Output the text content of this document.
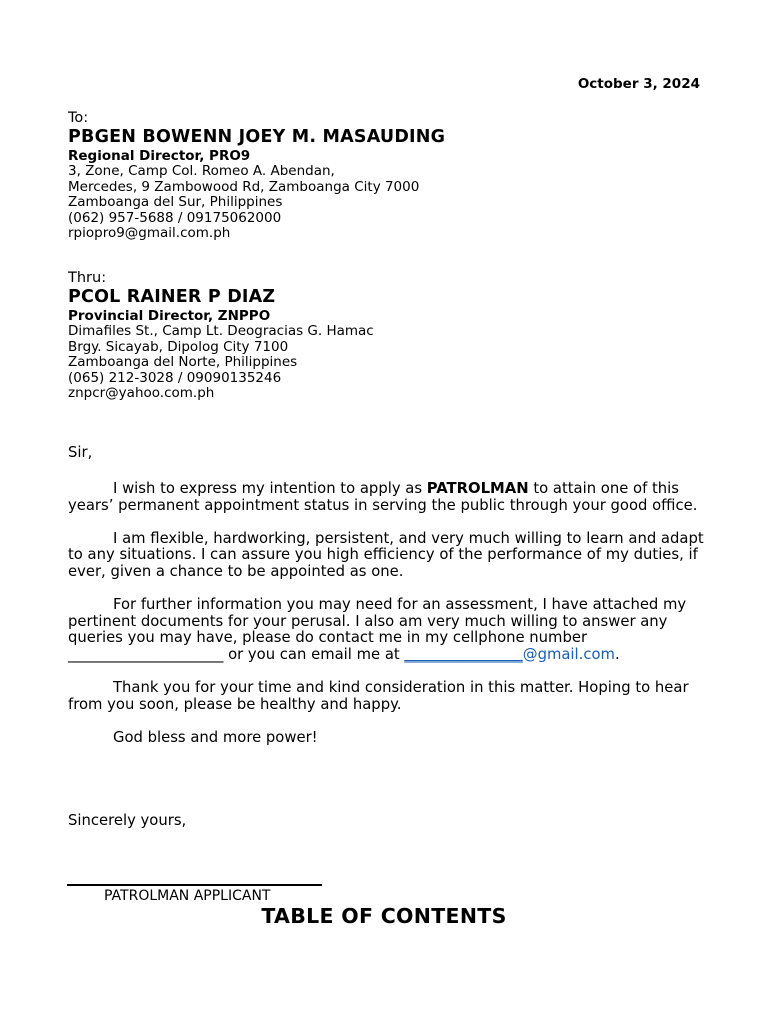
October 3, 2024
To:
PBGEN BOWENN JOEY M. MASAUDING
Regional Director, PRO9
3, Zone, Camp Col. Romeo A. Abendan,
Mercedes, 9 Zambowood Rd, Zamboanga City 7000
Zamboanga del Sur, Philippines
(062) 957-5688 / 09175062000
rpiopro9@gmail.com.ph
Thru:
PCOL RAINER P DIAZ
Provincial Director, ZNPPO
Dimafiles St., Camp Lt. Deogracias G. Hamac
Brgy. Sicayab, Dipolog City 7100
Zamboanga del Norte, Philippines
(065) 212-3028 / 09090135246
znpcr@yahoo.com.ph
Sir,

I wish to express my intention to apply as PATROLMAN to attain one of this years’ permanent appointment status in serving the public through your good office.

I am flexible, hardworking, persistent, and very much willing to learn and adapt to any situations. I can assure you high efficiency of the performance of my duties, if ever, given a chance to be appointed as one.

For further information you may need for an assessment, I have attached my pertinent documents for your perusal. I also am very much willing to answer any queries you may have, please do contact me in my cellphone number _____________________ or you can email me at ________________@gmail.com.

Thank you for your time and kind consideration in this matter. Hoping to hear from you soon, please be healthy and happy.

God bless and more power!

Sincerely yours,
PATROLMAN APPLICANT
TABLE OF CONTENTS
